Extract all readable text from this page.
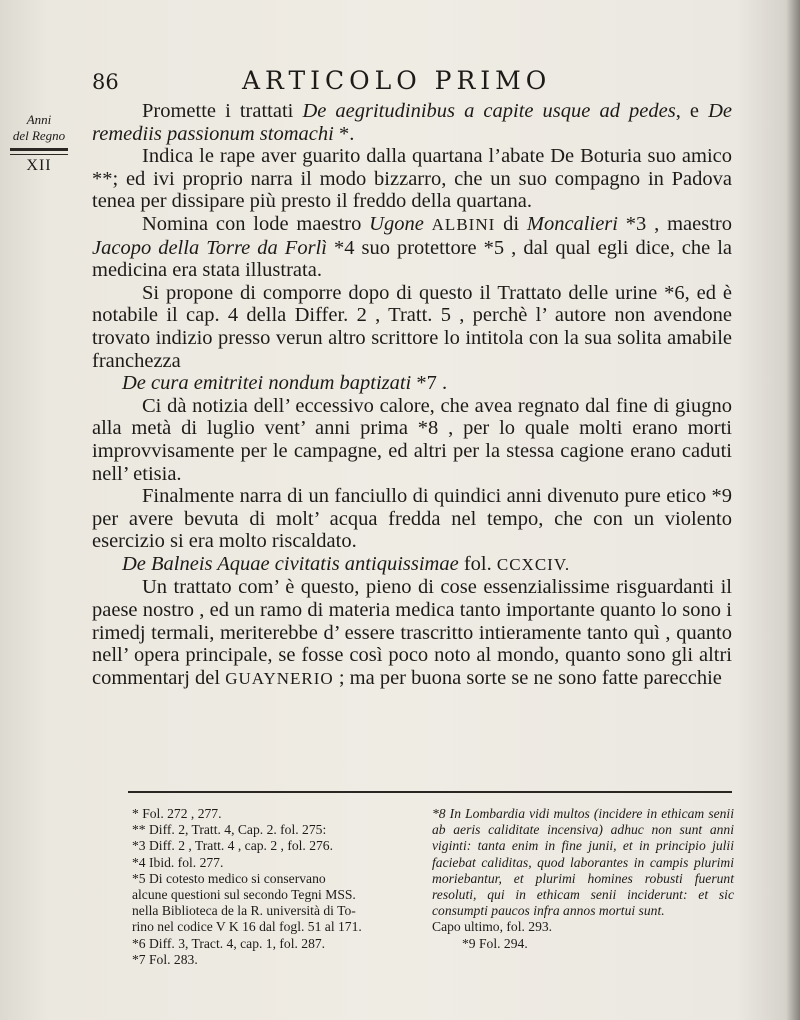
86	ARTICOLO PRIMO
Anni
del Regno
XII

Promette i trattati De aegritudinibus a capite usque ad pedes, e De remediis passionum stomachi *.

Indica le rape aver guarito dalla quartana l’abate De Boturia suo amico **; ed ivi proprio narra il modo bizzarro, che un suo compagno in Padova tenea per dissipare più presto il freddo della quartana.

Nomina con lode maestro Ugone ALBINI di Moncalieri *3 , maestro Jacopo della Torre da Forlì *4 suo protettore *5 , dal qual egli dice, che la medicina era stata illustrata.

Si propone di comporre dopo di questo il Trattato delle urine *6, ed è notabile il cap. 4 della Differ. 2 , Tratt. 5 , perchè l’ autore non avendone trovato indizio presso verun altro scrittore lo intitola con la sua solita amabile franchezza

De cura emitritei nondum baptizati *7 .

Ci dà notizia dell’ eccessivo calore, che avea regnato dal fine di giugno alla metà di luglio vent’ anni prima *8 , per lo quale molti erano morti improvvisamente per le campagne, ed altri per la stessa cagione erano caduti nell’ etisia.

Finalmente narra di un fanciullo di quindici anni divenuto pure etico *9 per avere bevuta di molt’ acqua fredda nel tempo, che con un violento esercizio si era molto riscaldato.

De Balneis Aquae civitatis antiquissimae fol. CCXCIV.

Un trattato com’ è questo, pieno di cose essenzialissime risguardanti il paese nostro , ed un ramo di materia medica tanto importante quanto lo sono i rimedj termali, meriterebbe d’ essere trascritto intieramente tanto quì , quanto nell’ opera principale, se fosse così poco noto al mondo, quanto sono gli altri commentarj del GUAYNERIO ; ma per buona sorte se ne sono fatte parecchie

* Fol. 272 , 277.
** Diff. 2, Tratt. 4, Cap. 2. fol. 275:
*3 Diff. 2 , Tratt. 4 , cap. 2 , fol. 276.
*4 Ibid. fol. 277.
*5 Di cotesto medico si conservano
alcune questioni sul secondo Tegni MSS.
nella Biblioteca de la R. università di To-
rino nel codice V K 16 dal fogl. 51 al 171.
*6 Diff. 3, Tract. 4, cap. 1, fol. 287.
*7 Fol. 283.
*8 In Lombardia vidi multos (incidere in ethicam senii ab aeris caliditate incensiva) adhuc non sunt anni viginti: tanta enim in fine junii, et in principio julii faciebat caliditas, quod laborantes in campis plurimi moriebantur, et plurimi homines robusti fuerunt resoluti, qui in ethicam senii inciderunt: et sic consumpti paucos infra annos mortui sunt.
Capo ultimo, fol. 293.
*9 Fol. 294.
